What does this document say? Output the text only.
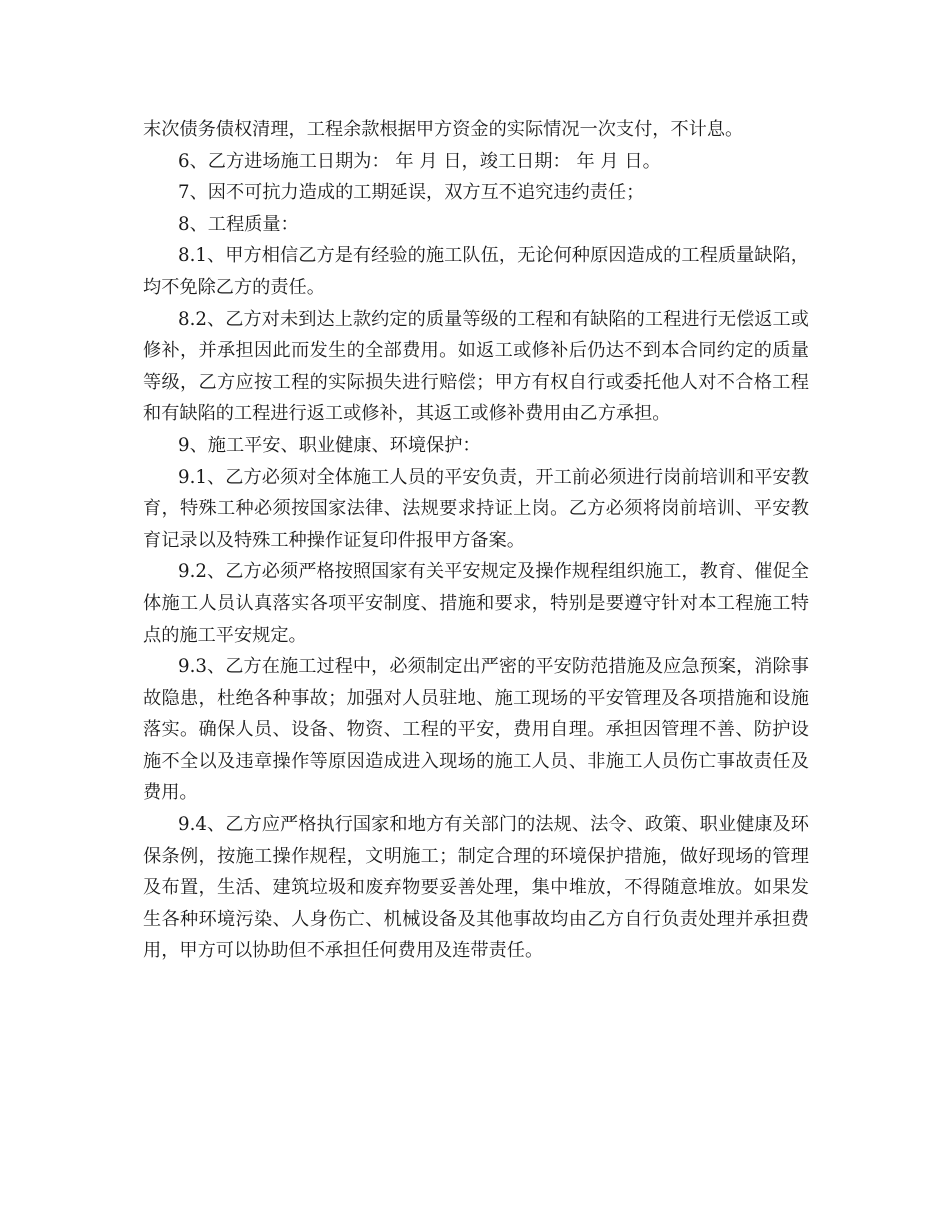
末次债务债权清理，工程余款根据甲方资金的实际情况一次支付，不计息。

6、乙方进场施工日期为： 年 月 日，竣工日期： 年 月 日。

7、因不可抗力造成的工期延误，双方互不追究违约责任；

8、工程质量：

8.1、甲方相信乙方是有经验的施工队伍，无论何种原因造成的工程质量缺陷，均不免除乙方的责任。

8.2、乙方对未到达上款约定的质量等级的工程和有缺陷的工程进行无偿返工或修补，并承担因此而发生的全部费用。如返工或修补后仍达不到本合同约定的质量等级，乙方应按工程的实际损失进行赔偿；甲方有权自行或委托他人对不合格工程和有缺陷的工程进行返工或修补，其返工或修补费用由乙方承担。

9、施工平安、职业健康、环境保护：

9.1、乙方必须对全体施工人员的平安负责，开工前必须进行岗前培训和平安教育，特殊工种必须按国家法律、法规要求持证上岗。乙方必须将岗前培训、平安教育记录以及特殊工种操作证复印件报甲方备案。

9.2、乙方必须严格按照国家有关平安规定及操作规程组织施工，教育、催促全体施工人员认真落实各项平安制度、措施和要求，特别是要遵守针对本工程施工特点的施工平安规定。

9.3、乙方在施工过程中，必须制定出严密的平安防范措施及应急预案，消除事故隐患，杜绝各种事故；加强对人员驻地、施工现场的平安管理及各项措施和设施落实。确保人员、设备、物资、工程的平安，费用自理。承担因管理不善、防护设施不全以及违章操作等原因造成进入现场的施工人员、非施工人员伤亡事故责任及费用。

9.4、乙方应严格执行国家和地方有关部门的法规、法令、政策、职业健康及环保条例，按施工操作规程，文明施工；制定合理的环境保护措施，做好现场的管理及布置，生活、建筑垃圾和废弃物要妥善处理，集中堆放，不得随意堆放。如果发生各种环境污染、人身伤亡、机械设备及其他事故均由乙方自行负责处理并承担费用，甲方可以协助但不承担任何费用及连带责任。
